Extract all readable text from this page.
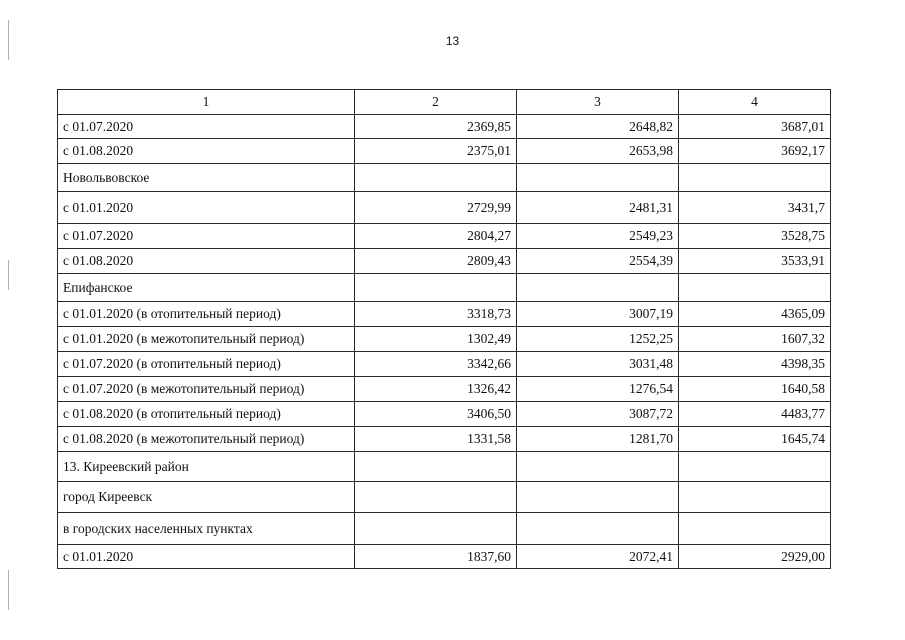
13
1	2	3	4
с 01.07.2020	2369,85	2648,82	3687,01
с 01.08.2020	2375,01	2653,98	3692,17
Новольвовское			
с 01.01.2020	2729,99	2481,31	3431,7
с 01.07.2020	2804,27	2549,23	3528,75
с 01.08.2020	2809,43	2554,39	3533,91
Епифанское			
с 01.01.2020 (в отопительный период)	3318,73	3007,19	4365,09
с 01.01.2020 (в межотопительный период)	1302,49	1252,25	1607,32
с 01.07.2020 (в отопительный период)	3342,66	3031,48	4398,35
с 01.07.2020 (в межотопительный период)	1326,42	1276,54	1640,58
с 01.08.2020 (в отопительный период)	3406,50	3087,72	4483,77
с 01.08.2020 (в межотопительный период)	1331,58	1281,70	1645,74
13. Киреевский район			
город Киреевск			
в городских населенных пунктах			
с 01.01.2020	1837,60	2072,41	2929,00
